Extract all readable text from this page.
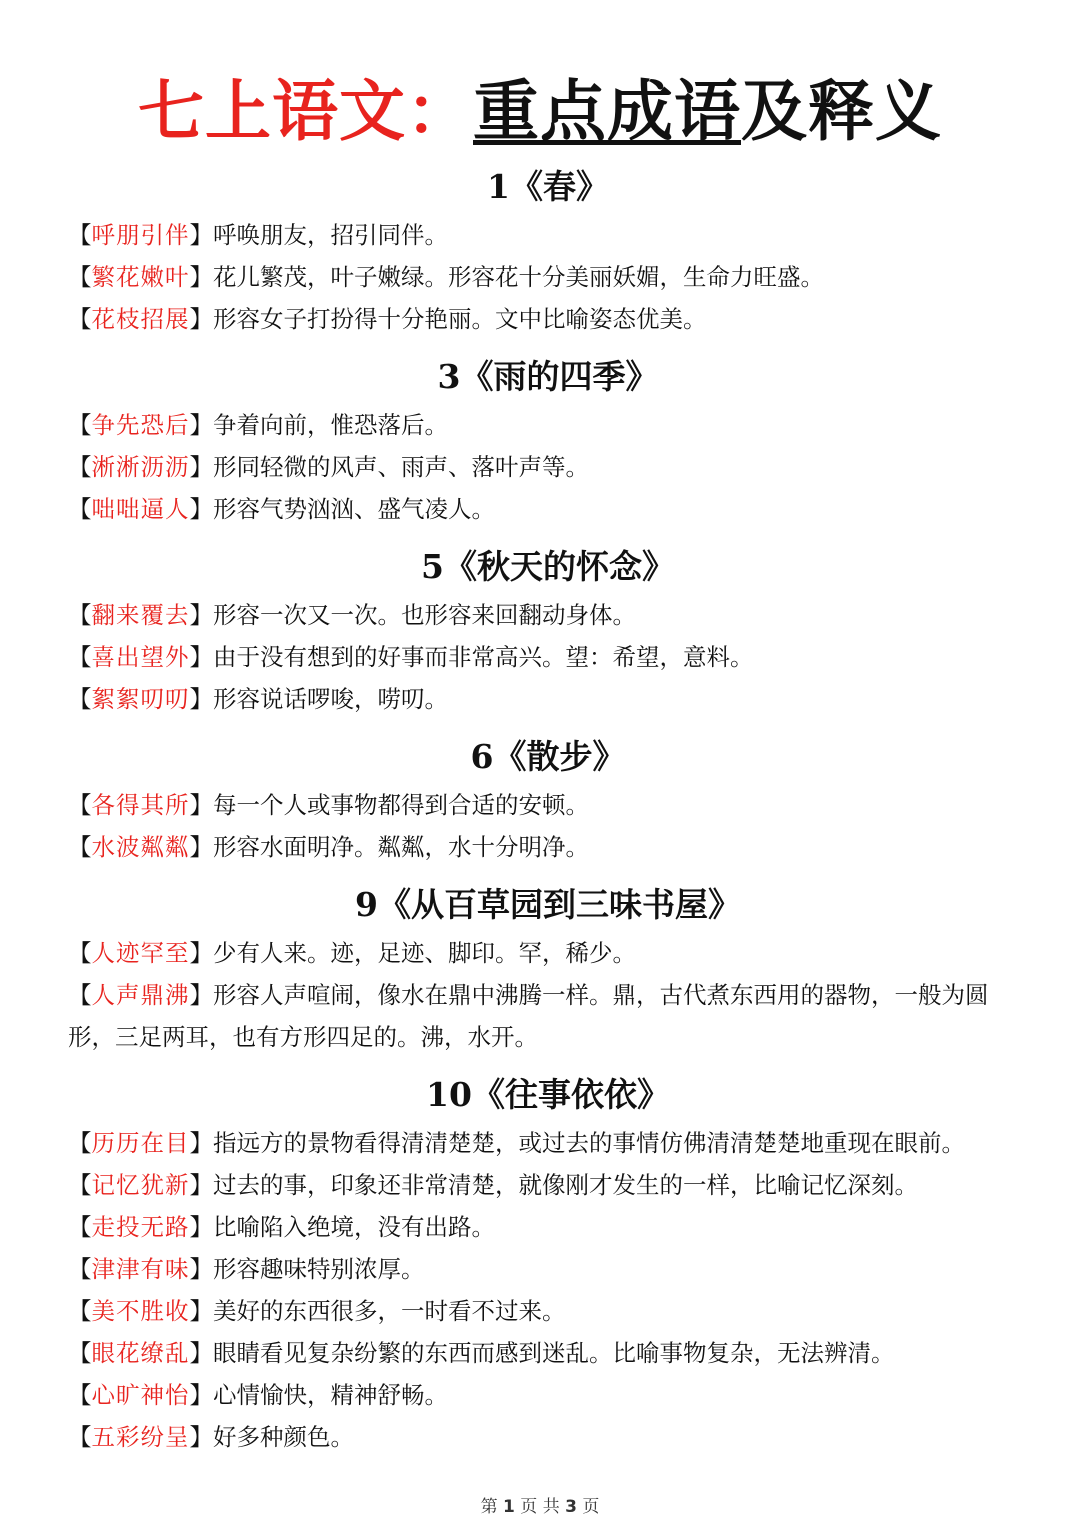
七上语文：重点成语及释义
1《春》
【呼朋引伴】呼唤朋友，招引同伴。
【繁花嫩叶】花儿繁茂，叶子嫩绿。形容花十分美丽妖媚，生命力旺盛。
【花枝招展】形容女子打扮得十分艳丽。文中比喻姿态优美。
3《雨的四季》
【争先恐后】争着向前，惟恐落后。
【淅淅沥沥】形同轻微的风声、雨声、落叶声等。
【咄咄逼人】形容气势汹汹、盛气凌人。
5《秋天的怀念》
【翻来覆去】形容一次又一次。也形容来回翻动身体。
【喜出望外】由于没有想到的好事而非常高兴。望：希望，意料。
【絮絮叨叨】形容说话啰唆，唠叨。
6《散步》
【各得其所】每一个人或事物都得到合适的安顿。
【水波粼粼】形容水面明净。粼粼，水十分明净。
9《从百草园到三味书屋》
【人迹罕至】少有人来。迹，足迹、脚印。罕，稀少。
【人声鼎沸】形容人声喧闹，像水在鼎中沸腾一样。鼎，古代煮东西用的器物，一般为圆形，三足两耳，也有方形四足的。沸，水开。
10《往事依依》
【历历在目】指远方的景物看得清清楚楚，或过去的事情仿佛清清楚楚地重现在眼前。
【记忆犹新】过去的事，印象还非常清楚，就像刚才发生的一样，比喻记忆深刻。
【走投无路】比喻陷入绝境，没有出路。
【津津有味】形容趣味特别浓厚。
【美不胜收】美好的东西很多，一时看不过来。
【眼花缭乱】眼睛看见复杂纷繁的东西而感到迷乱。比喻事物复杂，无法辨清。
【心旷神怡】心情愉快，精神舒畅。
【五彩纷呈】好多种颜色。
第 1 页 共 3 页
